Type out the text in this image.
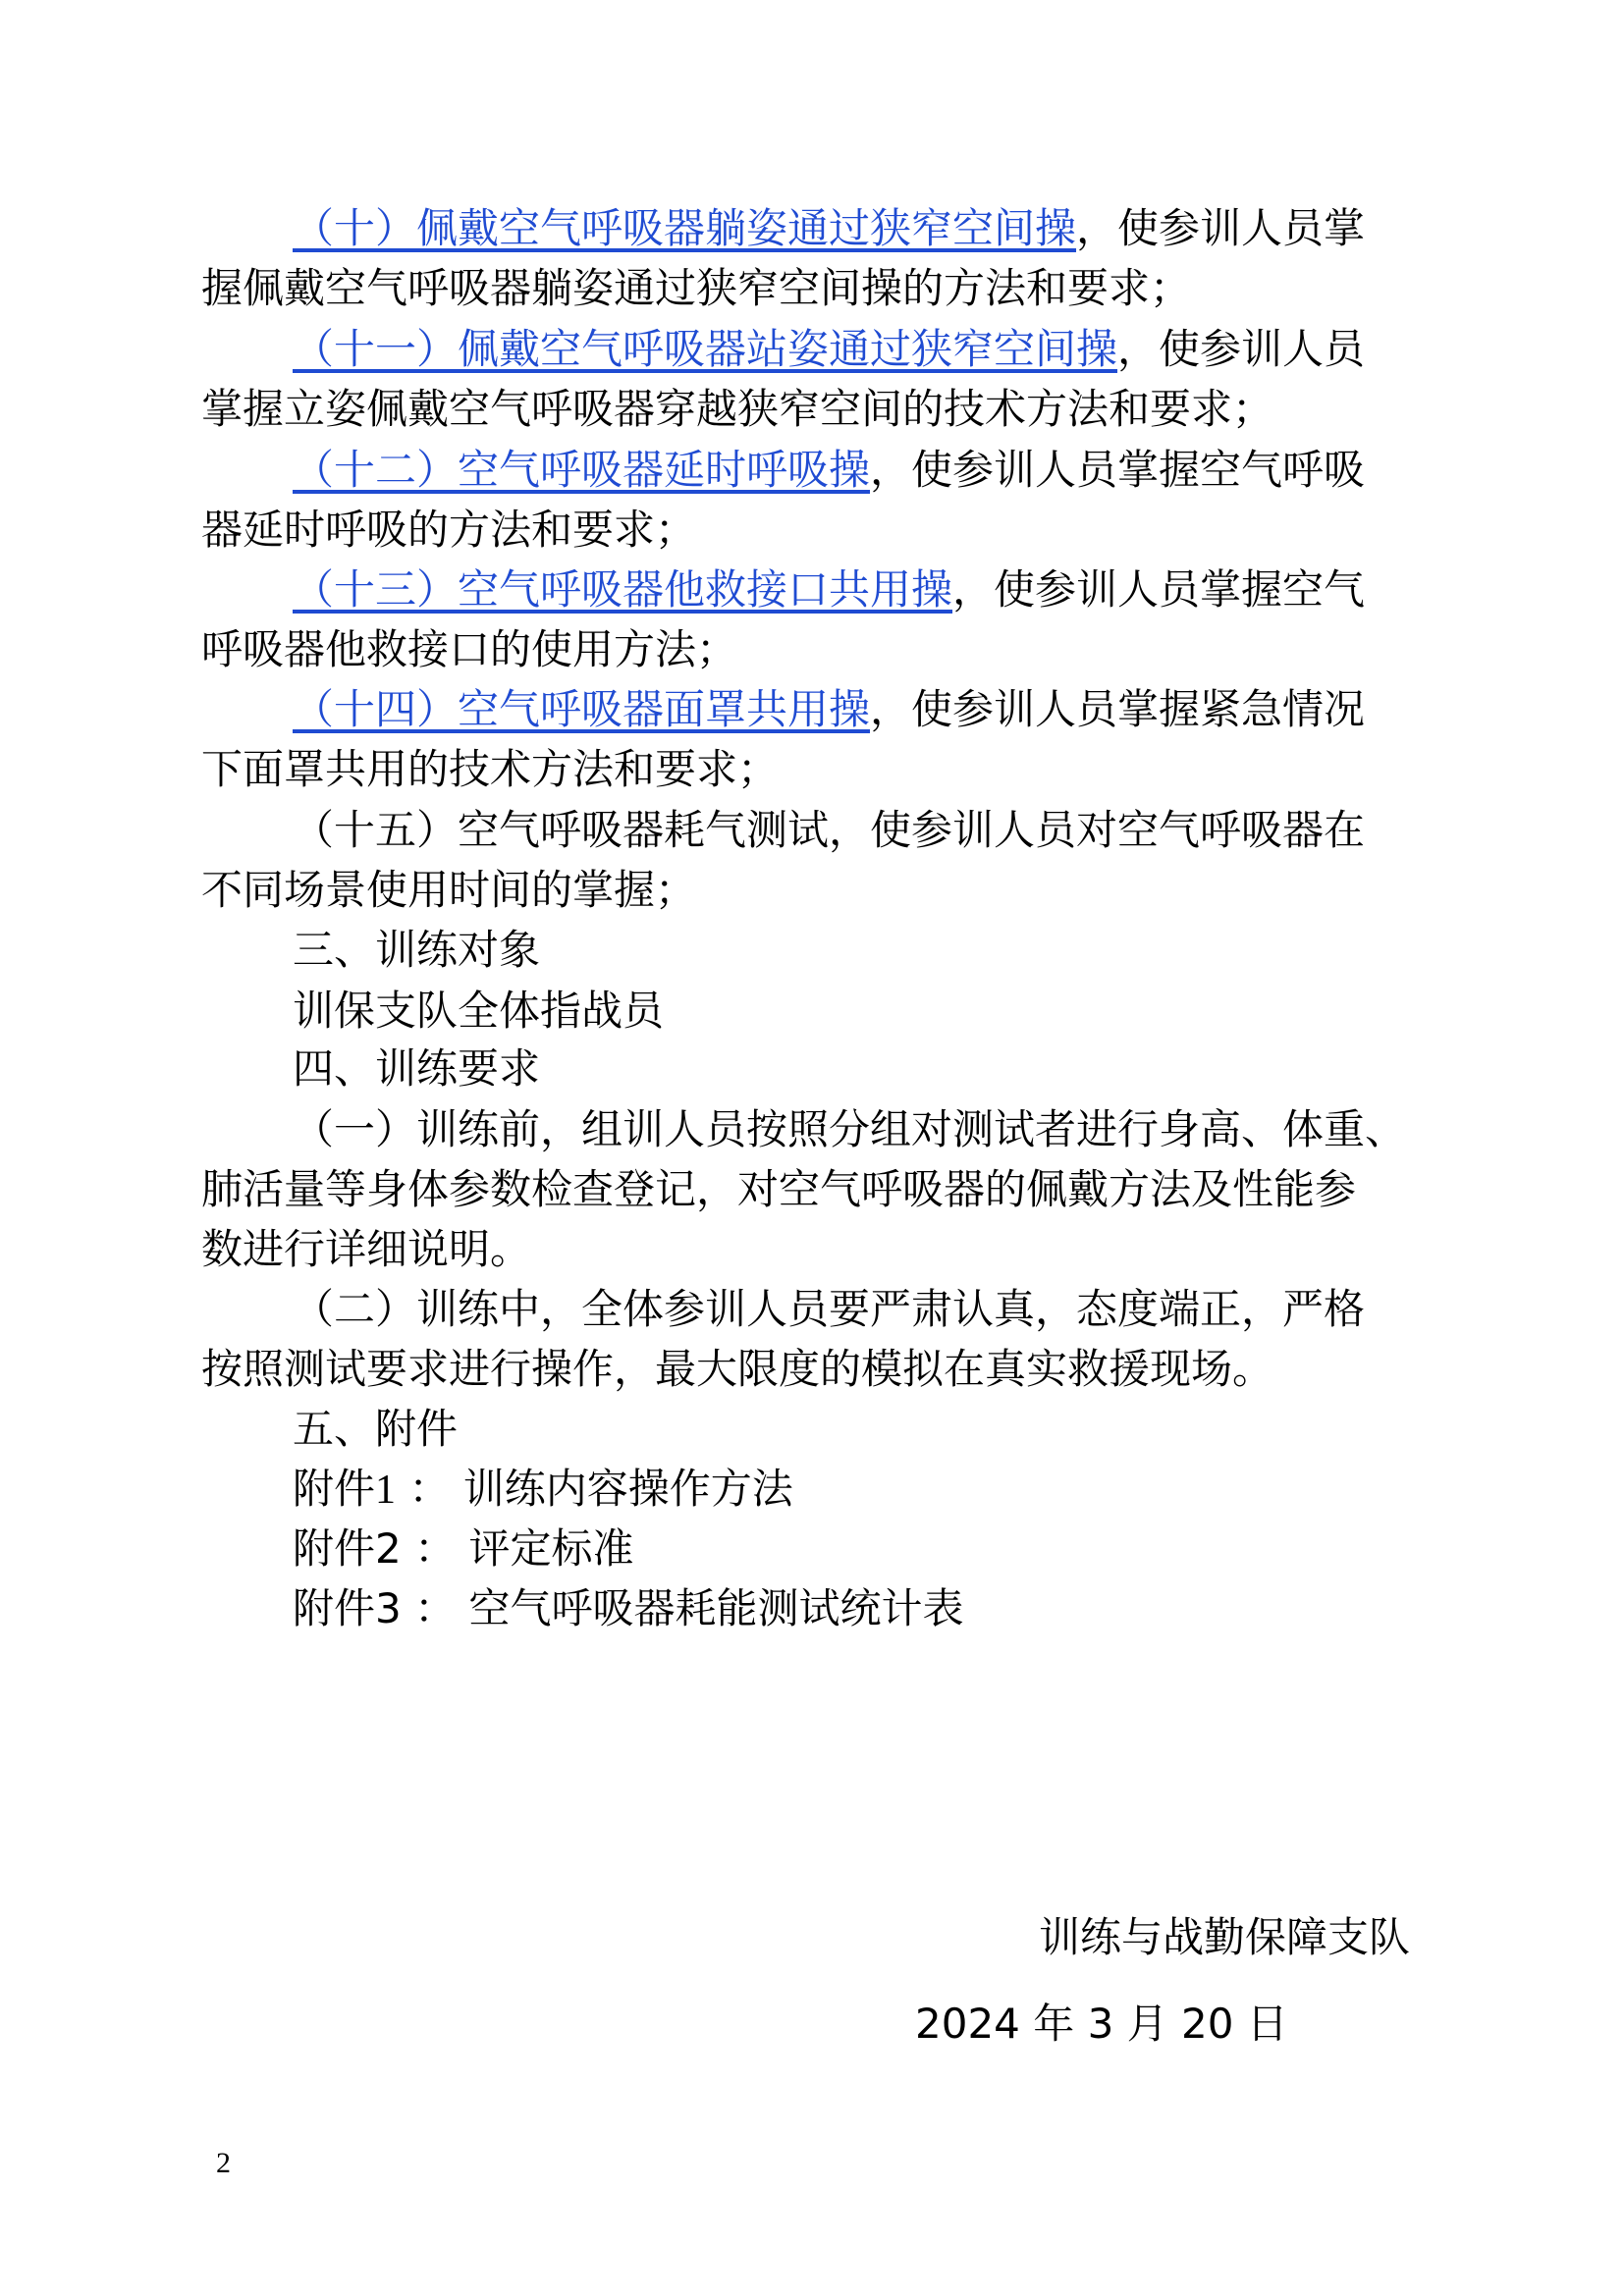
（十）佩戴空气呼吸器躺姿通过狭窄空间操，使参训人员掌
握佩戴空气呼吸器躺姿通过狭窄空间操的方法和要求；
（十一）佩戴空气呼吸器站姿通过狭窄空间操，使参训人员
掌握立姿佩戴空气呼吸器穿越狭窄空间的技术方法和要求；
（十二）空气呼吸器延时呼吸操，使参训人员掌握空气呼吸
器延时呼吸的方法和要求；
（十三）空气呼吸器他救接口共用操，使参训人员掌握空气
呼吸器他救接口的使用方法；
（十四）空气呼吸器面罩共用操，使参训人员掌握紧急情况
下面罩共用的技术方法和要求；
（十五）空气呼吸器耗气测试，使参训人员对空气呼吸器在
不同场景使用时间的掌握；
三、训练对象
训保支队全体指战员
四、训练要求
（一）训练前，组训人员按照分组对测试者进行身高、体重、
肺活量等身体参数检查登记，对空气呼吸器的佩戴方法及性能参
数进行详细说明。
（二）训练中，全体参训人员要严肃认真，态度端正，严格
按照测试要求进行操作，最大限度的模拟在真实救援现场。
五、附件
附件1 ： 训练内容操作方法
附件2 ： 评定标准
附件3 ： 空气呼吸器耗能测试统计表
训练与战勤保障支队
2024 年 3 月 20 日
2
